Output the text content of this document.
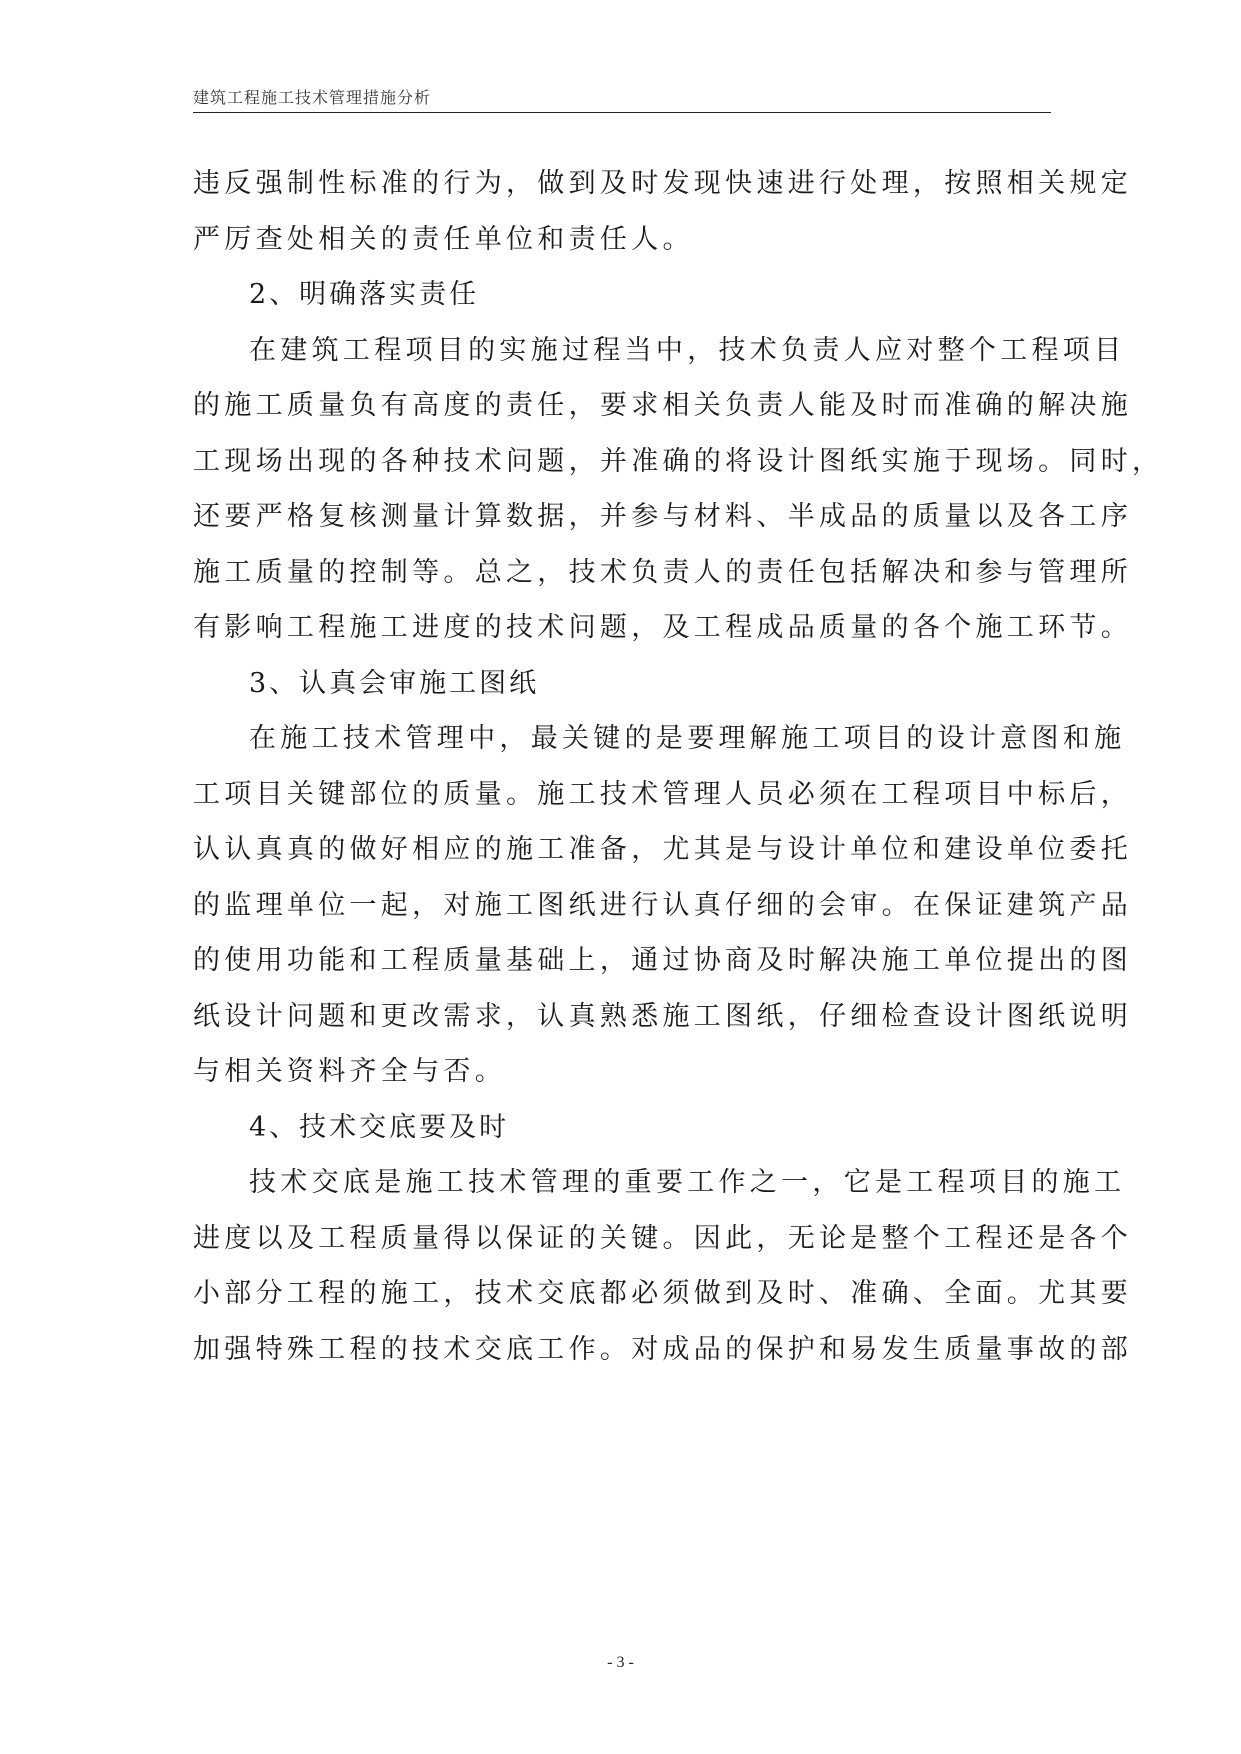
建筑工程施工技术管理措施分析
违反强制性标准的行为，做到及时发现快速进行处理，按照相关规定
严厉查处相关的责任单位和责任人。
2、明确落实责任
在建筑工程项目的实施过程当中，技术负责人应对整个工程项目
的施工质量负有高度的责任，要求相关负责人能及时而准确的解决施
工现场出现的各种技术问题，并准确的将设计图纸实施于现场。同时，
还要严格复核测量计算数据，并参与材料、半成品的质量以及各工序
施工质量的控制等。总之，技术负责人的责任包括解决和参与管理所
有影响工程施工进度的技术问题，及工程成品质量的各个施工环节。
3、认真会审施工图纸
在施工技术管理中，最关键的是要理解施工项目的设计意图和施
工项目关键部位的质量。施工技术管理人员必须在工程项目中标后，
认认真真的做好相应的施工准备，尤其是与设计单位和建设单位委托
的监理单位一起，对施工图纸进行认真仔细的会审。在保证建筑产品
的使用功能和工程质量基础上，通过协商及时解决施工单位提出的图
纸设计问题和更改需求，认真熟悉施工图纸，仔细检查设计图纸说明
与相关资料齐全与否。
4、技术交底要及时
技术交底是施工技术管理的重要工作之一，它是工程项目的施工
进度以及工程质量得以保证的关键。因此，无论是整个工程还是各个
小部分工程的施工，技术交底都必须做到及时、准确、全面。尤其要
加强特殊工程的技术交底工作。对成品的保护和易发生质量事故的部
- 3 -
